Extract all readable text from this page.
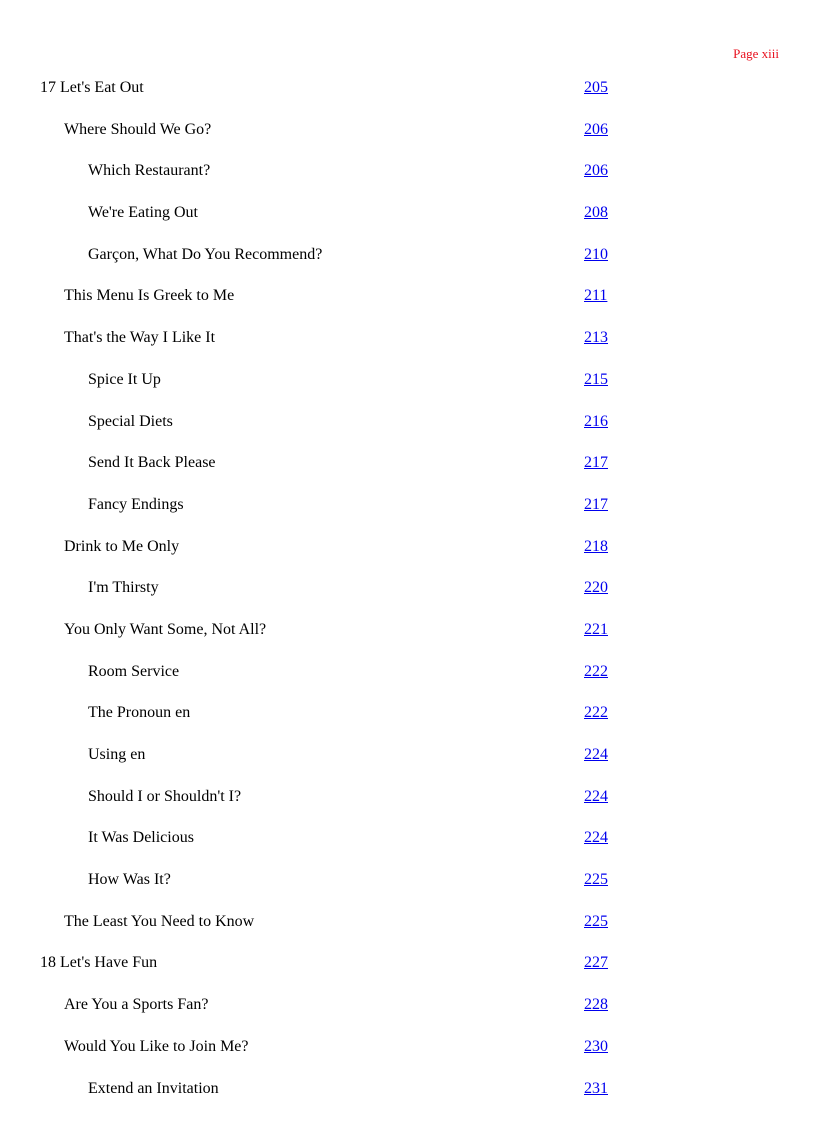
Page xiii
17 Let's Eat Out	205
Where Should We Go?	206
Which Restaurant?	206
We're Eating Out	208
Garçon, What Do You Recommend?	210
This Menu Is Greek to Me	211
That's the Way I Like It	213
Spice It Up	215
Special Diets	216
Send It Back Please	217
Fancy Endings	217
Drink to Me Only	218
I'm Thirsty	220
You Only Want Some, Not All?	221
Room Service	222
The Pronoun en	222
Using en	224
Should I or Shouldn't I?	224
It Was Delicious	224
How Was It?	225
The Least You Need to Know	225
18 Let's Have Fun	227
Are You a Sports Fan?	228
Would You Like to Join Me?	230
Extend an Invitation	231
